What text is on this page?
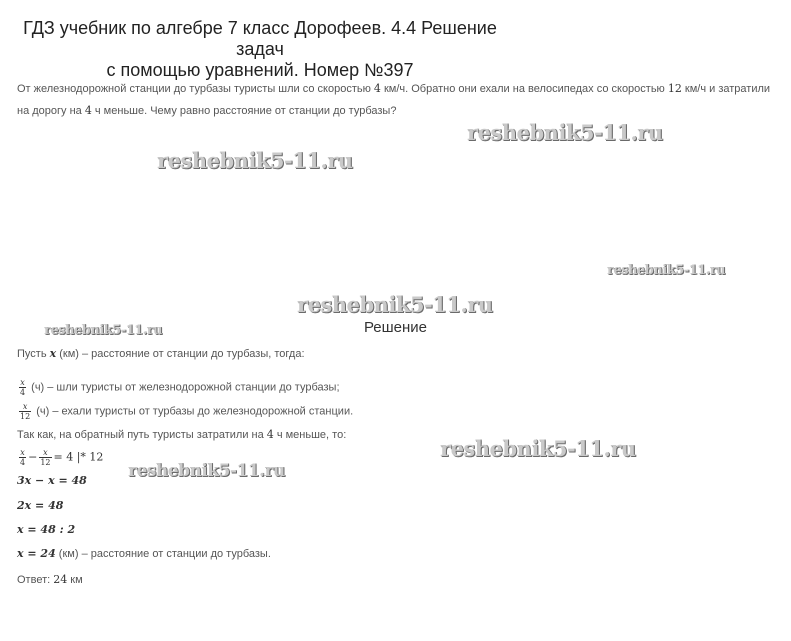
ГДЗ учебник по алгебре 7 класс Дорофеев. 4.4 Решение задач
с помощью уравнений. Номер №397

От железнодорожной станции до турбазы туристы шли со скоростью 4 км/ч. Обратно они ехали на велосипедах со скоростью 12 км/ч и затратили на дорогу на 4 ч меньше. Чему равно расстояние от станции до турбазы?

reshebnik5-11.ru
reshebnik5-11.ru
reshebnik5-11.ru
reshebnik5-11.ru
reshebnik5-11.ru
reshebnik5-11.ru
reshebnik5-11.ru
Решение
Пусть x (км) – расстояние от станции до турбазы, тогда:
$\frac{x}{4} (ч)$ – шли туристы от железнодорожной станции до турбазы;
$\frac{x}{12} (ч)$ – ехали туристы от турбазы до железнодорожной станции.
Так как, на обратный путь туристы затратили на 4 ч меньше, то:
$\frac{x}{4} - \frac{x}{12} = 4$ |* 12
3x − x = 48
2x = 48
x = 48 : 2
x = 24 (км) – расстояние от станции до турбазы.
Ответ: 24 км
